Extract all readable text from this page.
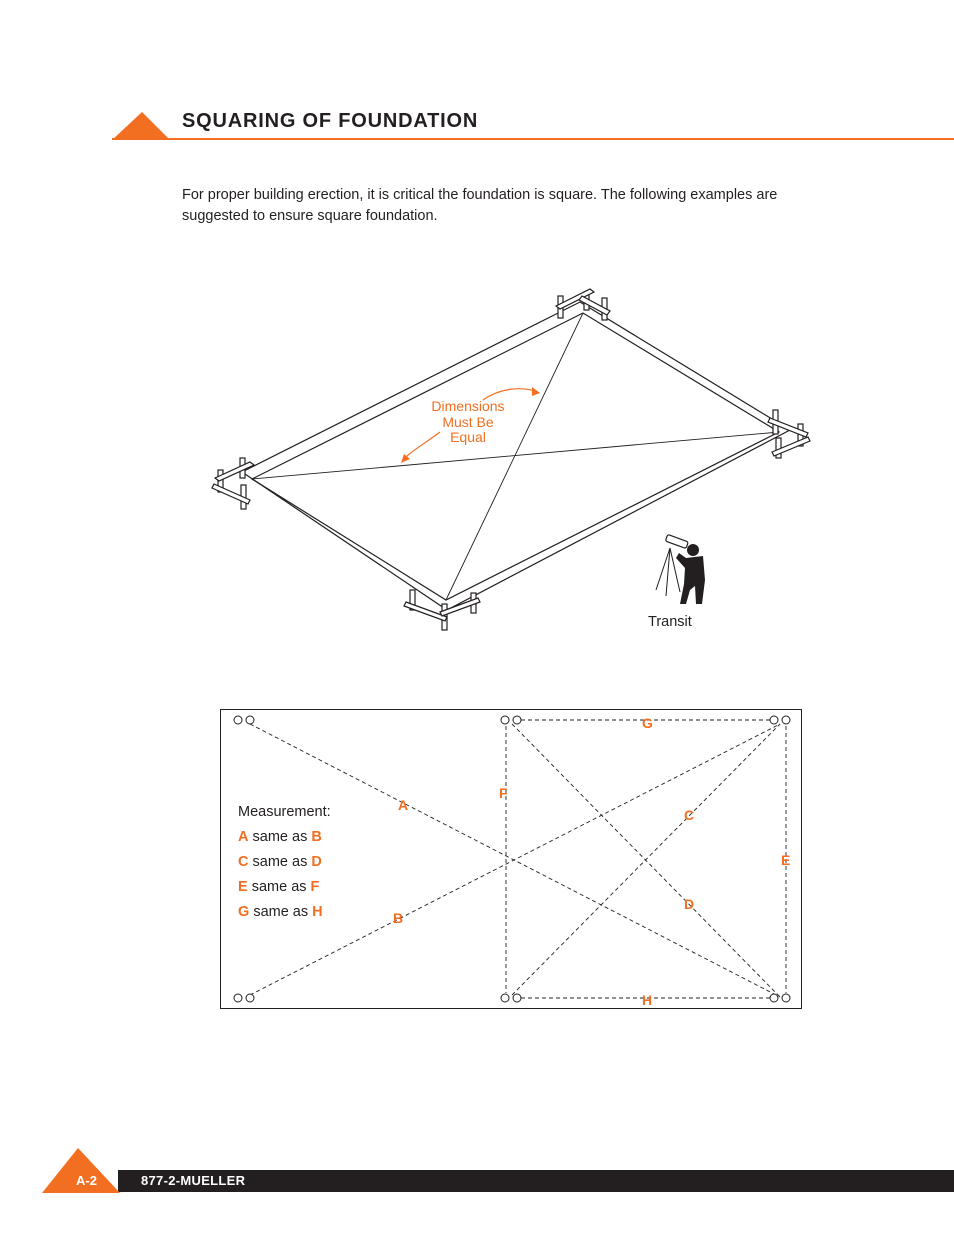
SQUARING OF FOUNDATION

For proper building erection, it is critical the foundation is square. The following examples are suggested to ensure square foundation.

Dimensions
Must Be
Equal
Transit
A
B
C
D
E
F
G
H
Measurement:
A same as B
C same as D
E same as F
G same as H
A-2	877-2-MUELLER
